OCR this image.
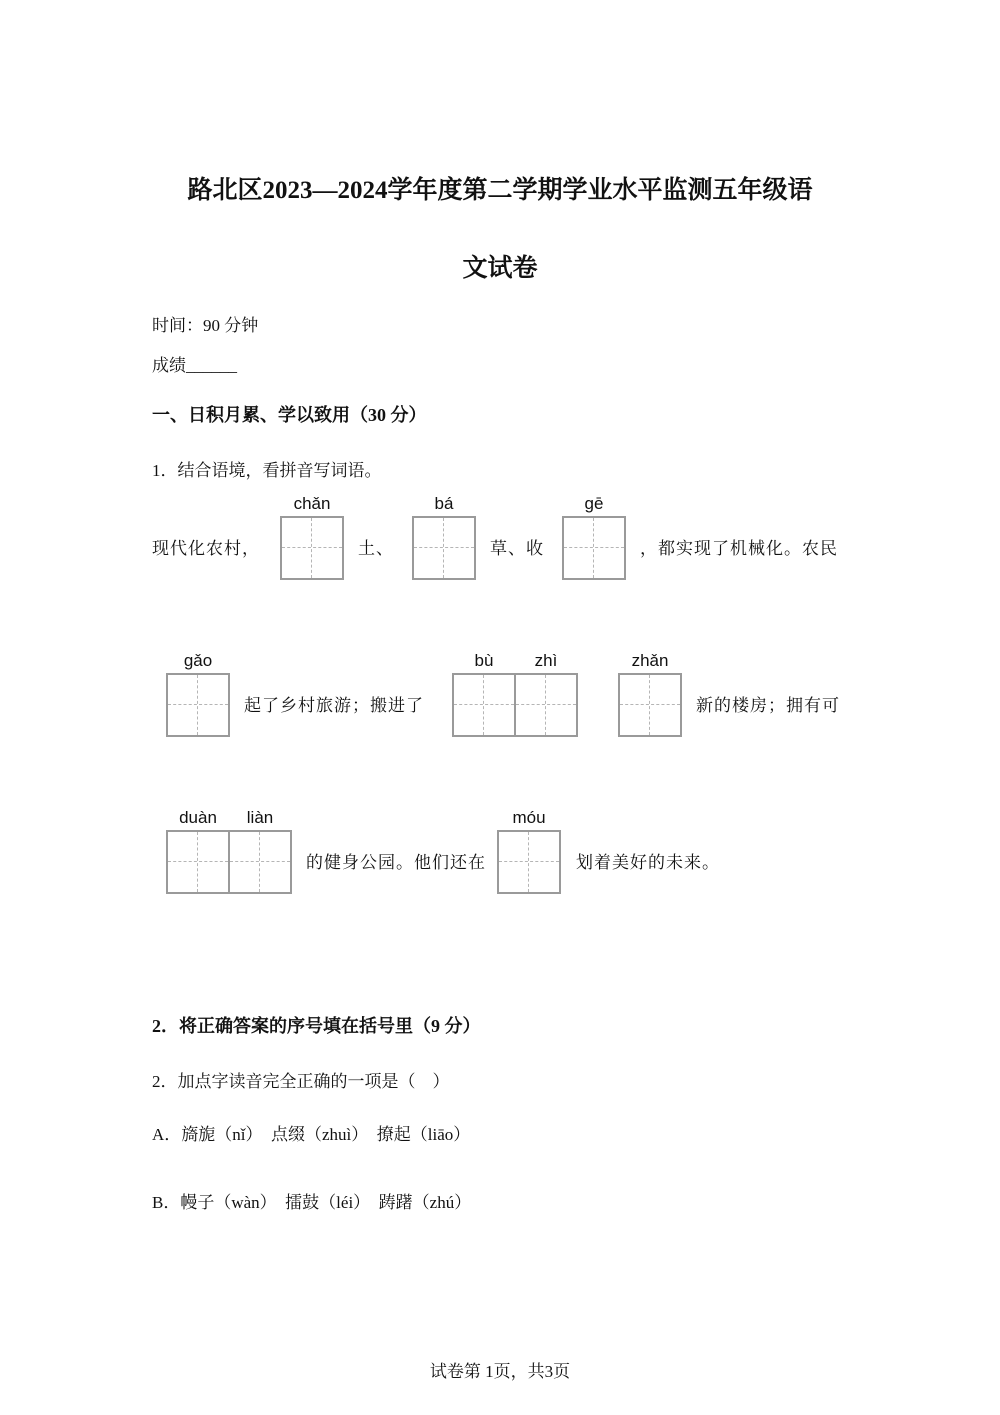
路北区2023—2024学年度第二学期学业水平监测五年级语
文试卷
时间：90 分钟
成绩______
一、日积月累、学以致用（30 分）
1．结合语境，看拼音写词语。
现代化农村，
chǎn
土、
bá
草、收
gē
，都实现了机械化。农民
gǎo
起了乡村旅游；搬进了
bù	zhì	zhǎn
新的楼房；拥有可
duàn	liàn
的健身公园。他们还在
móu
划着美好的未来。
2．将正确答案的序号填在括号里（9 分）
2．加点字读音完全正确的一项是（　）
A．旖旎（nǐ） 点缀（zhuì） 撩起（liāo）
B．幔子（wàn） 擂鼓（léi） 踌躇（zhú）
试卷第 1页，共3页
